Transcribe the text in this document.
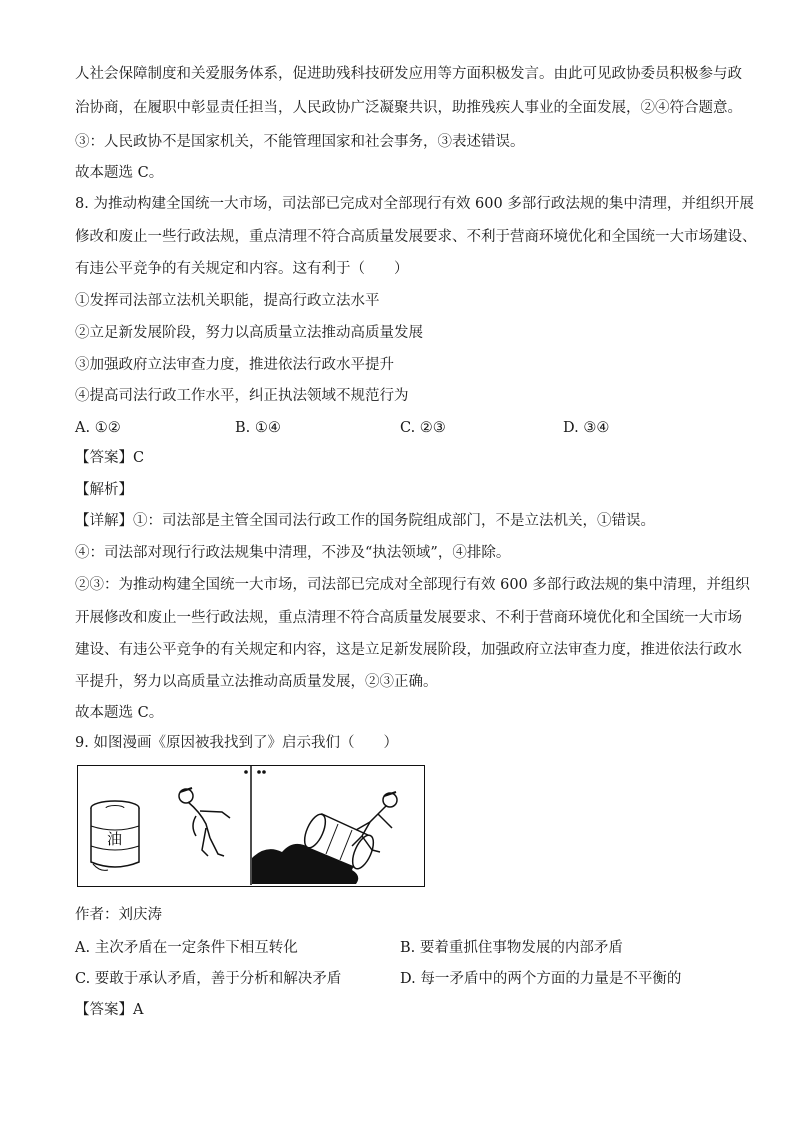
人社会保障制度和关爱服务体系，促进助残科技研发应用等方面积极发言。由此可见政协委员积极参与政
治协商，在履职中彰显责任担当，人民政协广泛凝聚共识，助推残疾人事业的全面发展，②④符合题意。
③：人民政协不是国家机关，不能管理国家和社会事务，③表述错误。
故本题选 C。
8. 为推动构建全国统一大市场，司法部已完成对全部现行有效 600 多部行政法规的集中清理，并组织开展
修改和废止一些行政法规，重点清理不符合高质量发展要求、不利于营商环境优化和全国统一大市场建设、
有违公平竞争的有关规定和内容。这有利于（　　）
①发挥司法部立法机关职能，提高行政立法水平
②立足新发展阶段，努力以高质量立法推动高质量发展
③加强政府立法审查力度，推进依法行政水平提升
④提高司法行政工作水平，纠正执法领域不规范行为
A. ①②	B. ①④	C. ②③	D. ③④
【答案】C
【解析】
【详解】①：司法部是主管全国司法行政工作的国务院组成部门，不是立法机关，①错误。
④：司法部对现行行政法规集中清理，不涉及“执法领域”，④排除。
②③：为推动构建全国统一大市场，司法部已完成对全部现行有效 600 多部行政法规的集中清理，并组织
开展修改和废止一些行政法规，重点清理不符合高质量发展要求、不利于营商环境优化和全国统一大市场
建设、有违公平竞争的有关规定和内容，这是立足新发展阶段，加强政府立法审查力度，推进依法行政水
平提升，努力以高质量立法推动高质量发展，②③正确。
故本题选 C。
9. 如图漫画《原因被我找到了》启示我们（　　）
油
作者：刘庆涛
A. 主次矛盾在一定条件下相互转化	B. 要着重抓住事物发展的内部矛盾
C. 要敢于承认矛盾，善于分析和解决矛盾	D. 每一矛盾中的两个方面的力量是不平衡的
【答案】A
